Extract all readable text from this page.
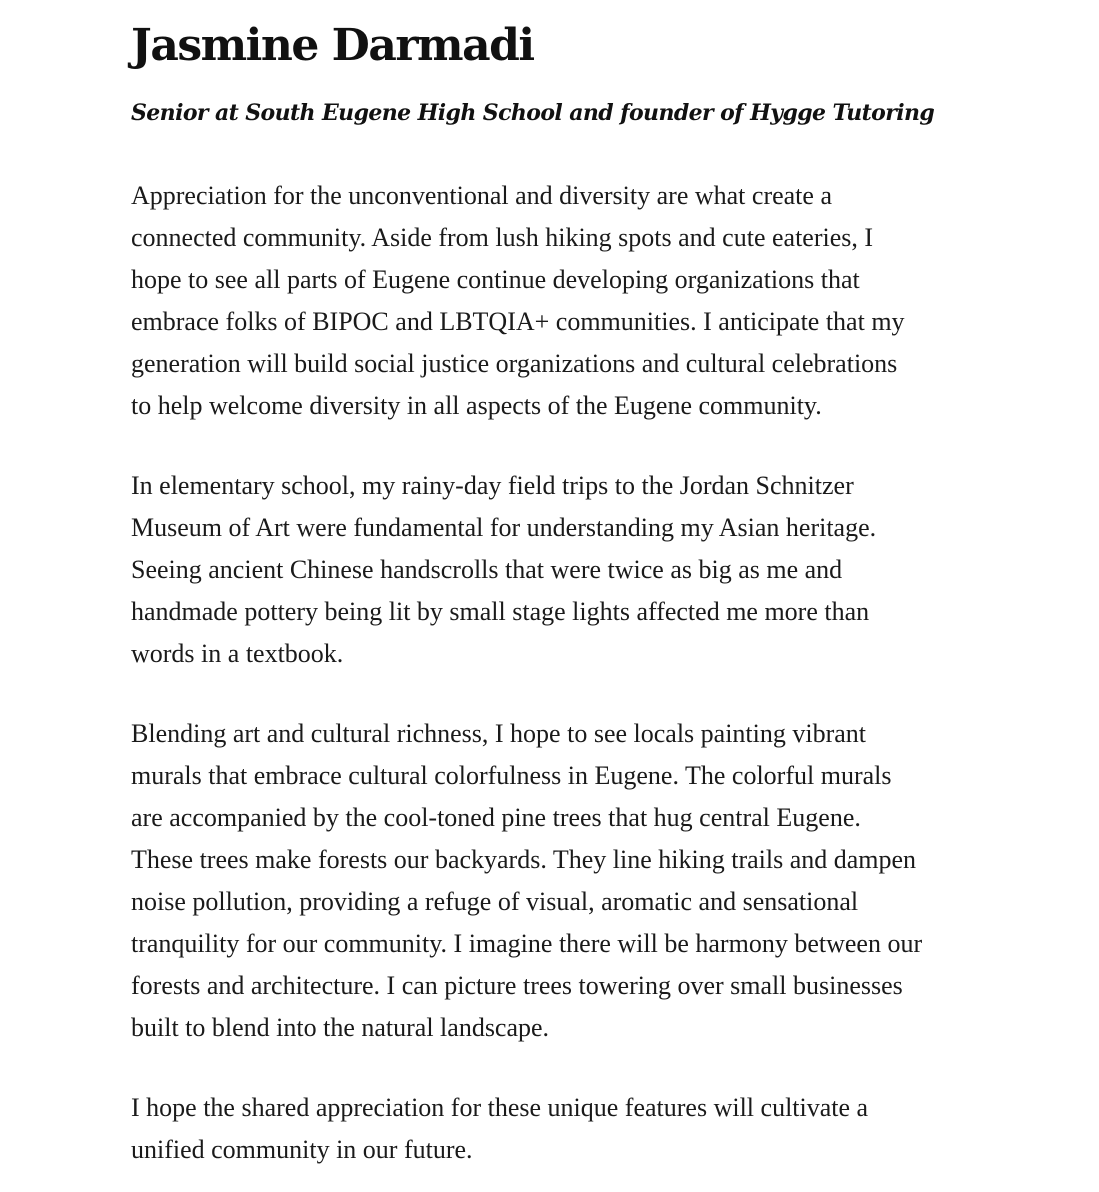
Jasmine Darmadi

Senior at South Eugene High School and founder of Hygge Tutoring

Appreciation for the unconventional and diversity are what create a
connected community. Aside from lush hiking spots and cute eateries, I
hope to see all parts of Eugene continue developing organizations that
embrace folks of BIPOC and LBTQIA+ communities. I anticipate that my
generation will build social justice organizations and cultural celebrations
to help welcome diversity in all aspects of the Eugene community.

In elementary school, my rainy-day field trips to the Jordan Schnitzer
Museum of Art were fundamental for understanding my Asian heritage.
Seeing ancient Chinese handscrolls that were twice as big as me and
handmade pottery being lit by small stage lights affected me more than
words in a textbook.

Blending art and cultural richness, I hope to see locals painting vibrant
murals that embrace cultural colorfulness in Eugene. The colorful murals
are accompanied by the cool-toned pine trees that hug central Eugene.
These trees make forests our backyards. They line hiking trails and dampen
noise pollution, providing a refuge of visual, aromatic and sensational
tranquility for our community. I imagine there will be harmony between our
forests and architecture. I can picture trees towering over small businesses
built to blend into the natural landscape.

I hope the shared appreciation for these unique features will cultivate a
unified community in our future.
